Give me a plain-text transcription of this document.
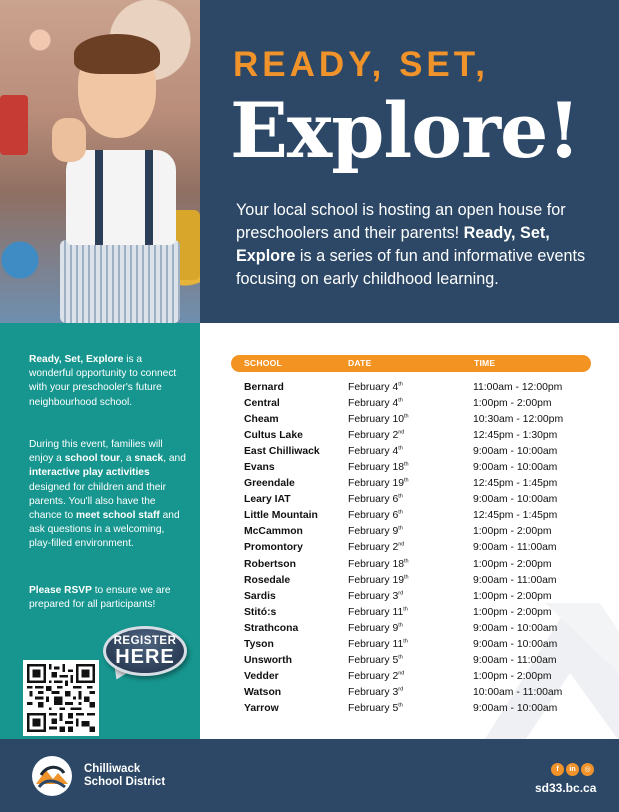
READY, SET,
Explore!
Your local school is hosting an open house for preschoolers and their parents! Ready, Set, Explore is a series of fun and informative events focusing on early childhood learning.

Ready, Set, Explore is a wonderful opportunity to connect with your preschooler's future neighbourhood school.

During this event, families will enjoy a school tour, a snack, and interactive play activities designed for children and their parents. You'll also have the chance to meet school staff and ask questions in a welcoming, play-filled environment.

Please RSVP to ensure we are prepared for all participants!

REGISTER
HERE
SCHOOL	DATE	TIME
Bernard	February 4th	11:00am - 12:00pm
Central	February 4th	1:00pm - 2:00pm
Cheam	February 10th	10:30am - 12:00pm
Cultus Lake	February 2nd	12:45pm - 1:30pm
East Chilliwack	February 4th	9:00am - 10:00am
Evans	February 18th	9:00am - 10:00am
Greendale	February 19th	12:45pm - 1:45pm
Leary IAT	February 6th	9:00am - 10:00am
Little Mountain	February 6th	12:45pm - 1:45pm
McCammon	February 9th	1:00pm - 2:00pm
Promontory	February 2nd	9:00am - 11:00am
Robertson	February 18th	1:00pm - 2:00pm
Rosedale	February 19th	9:00am - 11:00am
Sardis	February 3rd	1:00pm - 2:00pm
Stitó:s	February 11th	1:00pm - 2:00pm
Strathcona	February 9th	9:00am - 10:00am
Tyson	February 11th	9:00am - 10:00am
Unsworth	February 5th	9:00am - 11:00am
Vedder	February 2nd	1:00pm - 2:00pm
Watson	February 3rd	10:00am - 11:00am
Yarrow	February 5th	9:00am - 10:00am
Chilliwack
School District
f in ◎
sd33.bc.ca
